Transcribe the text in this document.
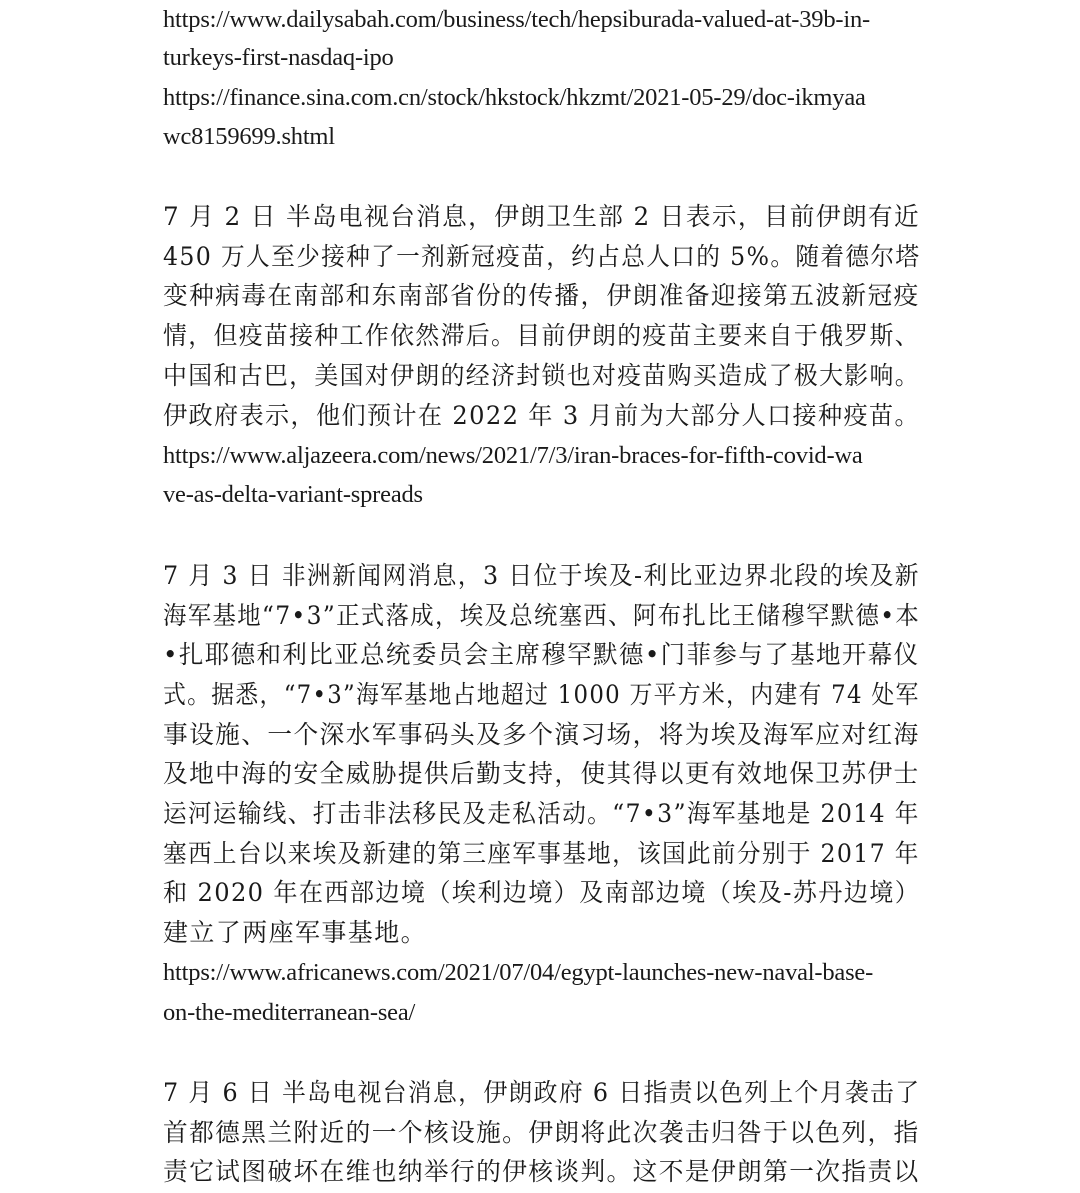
https://www.dailysabah.com/business/tech/hepsiburada-valued-at-39b-in-
turkeys-first-nasdaq-ipo
https://finance.sina.com.cn/stock/hkstock/hkzmt/2021-05-29/doc-ikmyaa
wc8159699.shtml
7 月 2 日 半岛电视台消息，伊朗卫生部 2 日表示，目前伊朗有近
450 万人至少接种了一剂新冠疫苗，约占总人口的 5%。随着德尔塔
变种病毒在南部和东南部省份的传播，伊朗准备迎接第五波新冠疫
情，但疫苗接种工作依然滞后。目前伊朗的疫苗主要来自于俄罗斯、
中国和古巴，美国对伊朗的经济封锁也对疫苗购买造成了极大影响。
伊政府表示，他们预计在 2022 年 3 月前为大部分人口接种疫苗。
https://www.aljazeera.com/news/2021/7/3/iran-braces-for-fifth-covid-wa
ve-as-delta-variant-spreads
7 月 3 日 非洲新闻网消息，3 日位于埃及-利比亚边界北段的埃及新
海军基地“7•3”正式落成，埃及总统塞西、阿布扎比王储穆罕默德•本
•扎耶德和利比亚总统委员会主席穆罕默德•门菲参与了基地开幕仪
式。据悉，“7•3”海军基地占地超过 1000 万平方米，内建有 74 处军
事设施、一个深水军事码头及多个演习场，将为埃及海军应对红海
及地中海的安全威胁提供后勤支持，使其得以更有效地保卫苏伊士
运河运输线、打击非法移民及走私活动。“7•3”海军基地是 2014 年
塞西上台以来埃及新建的第三座军事基地，该国此前分别于 2017 年
和 2020 年在西部边境（埃利边境）及南部边境（埃及-苏丹边境）
建立了两座军事基地。
https://www.africanews.com/2021/07/04/egypt-launches-new-naval-base-
on-the-mediterranean-sea/
7 月 6 日 半岛电视台消息，伊朗政府 6 日指责以色列上个月袭击了
首都德黑兰附近的一个核设施。伊朗将此次袭击归咎于以色列，指
责它试图破坏在维也纳举行的伊核谈判。这不是伊朗第一次指责以
